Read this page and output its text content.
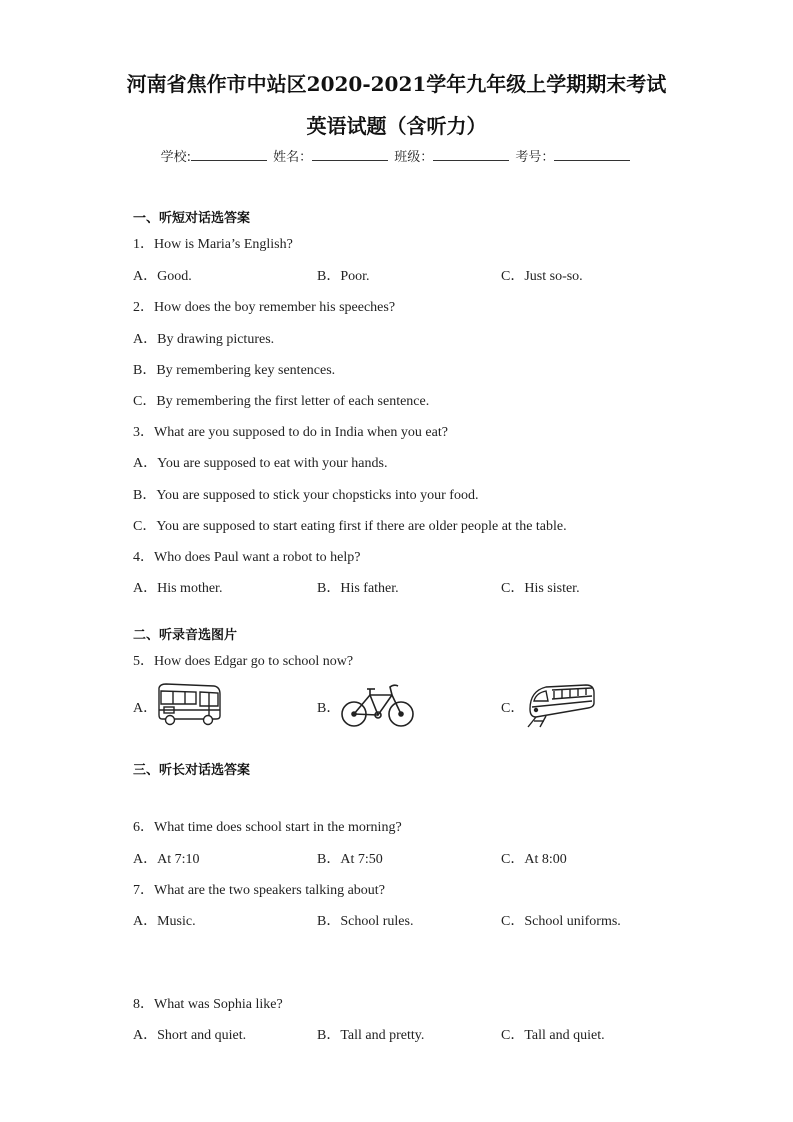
河南省焦作市中站区2020-2021学年九年级上学期期末考试
英语试题（含听力）
学校:	姓名：	班级：	考号：
一、听短对话选答案
1．How is Maria’s English?
A．Good.	B．Poor.	C．Just so-so.
2．How does the boy remember his speeches?
A．By drawing pictures.
B．By remembering key sentences.
C．By remembering the first letter of each sentence.
3．What are you supposed to do in India when you eat?
A．You are supposed to eat with your hands.
B．You are supposed to stick your chopsticks into your food.
C．You are supposed to start eating first if there are older people at the table.
4．Who does Paul want a robot to help?
A．His mother.	B．His father.	C．His sister.
二、听录音选图片
5．How does Edgar go to school now?
A．	B．	C．
三、听长对话选答案
6．What time does school start in the morning?
A．At 7:10	B．At 7:50	C．At 8:00
7．What are the two speakers talking about?
A．Music.	B．School rules.	C．School uniforms.
8．What was Sophia like?
A．Short and quiet.	B．Tall and pretty.	C．Tall and quiet.
